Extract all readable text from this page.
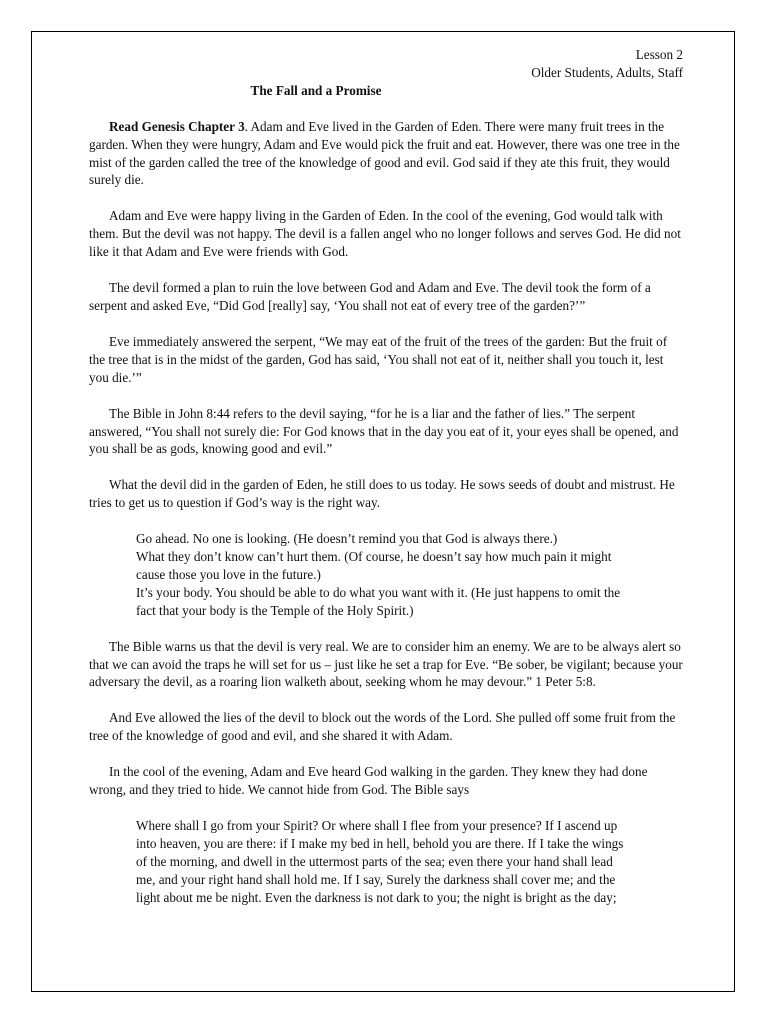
Lesson 2
Older Students, Adults, Staff
The Fall and a Promise

Read Genesis Chapter 3. Adam and Eve lived in the Garden of Eden. There were many fruit trees in the garden. When they were hungry, Adam and Eve would pick the fruit and eat. However, there was one tree in the mist of the garden called the tree of the knowledge of good and evil. God said if they ate this fruit, they would surely die.

Adam and Eve were happy living in the Garden of Eden. In the cool of the evening, God would talk with them. But the devil was not happy. The devil is a fallen angel who no longer follows and serves God. He did not like it that Adam and Eve were friends with God.

The devil formed a plan to ruin the love between God and Adam and Eve. The devil took the form of a serpent and asked Eve, “Did God [really] say, ‘You shall not eat of every tree of the garden?’”

Eve immediately answered the serpent, “We may eat of the fruit of the trees of the garden: But the fruit of the tree that is in the midst of the garden, God has said, ‘You shall not eat of it, neither shall you touch it, lest you die.’”

The Bible in John 8:44 refers to the devil saying, “for he is a liar and the father of lies.” The serpent answered, “You shall not surely die: For God knows that in the day you eat of it, your eyes shall be opened, and you shall be as gods, knowing good and evil.”

What the devil did in the garden of Eden, he still does to us today. He sows seeds of doubt and mistrust. He tries to get us to question if God’s way is the right way.

Go ahead. No one is looking. (He doesn’t remind you that God is always there.)
What they don’t know can’t hurt them. (Of course, he doesn’t say how much pain it might cause those you love in the future.)
It’s your body. You should be able to do what you want with it. (He just happens to omit the fact that your body is the Temple of the Holy Spirit.)

The Bible warns us that the devil is very real. We are to consider him an enemy. We are to be always alert so that we can avoid the traps he will set for us – just like he set a trap for Eve. “Be sober, be vigilant; because your adversary the devil, as a roaring lion walketh about, seeking whom he may devour.” 1 Peter 5:8.

And Eve allowed the lies of the devil to block out the words of the Lord. She pulled off some fruit from the tree of the knowledge of good and evil, and she shared it with Adam.

In the cool of the evening, Adam and Eve heard God walking in the garden. They knew they had done wrong, and they tried to hide. We cannot hide from God. The Bible says

Where shall I go from your Spirit? Or where shall I flee from your presence? If I ascend up into heaven, you are there: if I make my bed in hell, behold you are there. If I take the wings of the morning, and dwell in the uttermost parts of the sea; even there your hand shall lead me, and your right hand shall hold me. If I say, Surely the darkness shall cover me; and the light about me be night. Even the darkness is not dark to you; the night is bright as the day;
